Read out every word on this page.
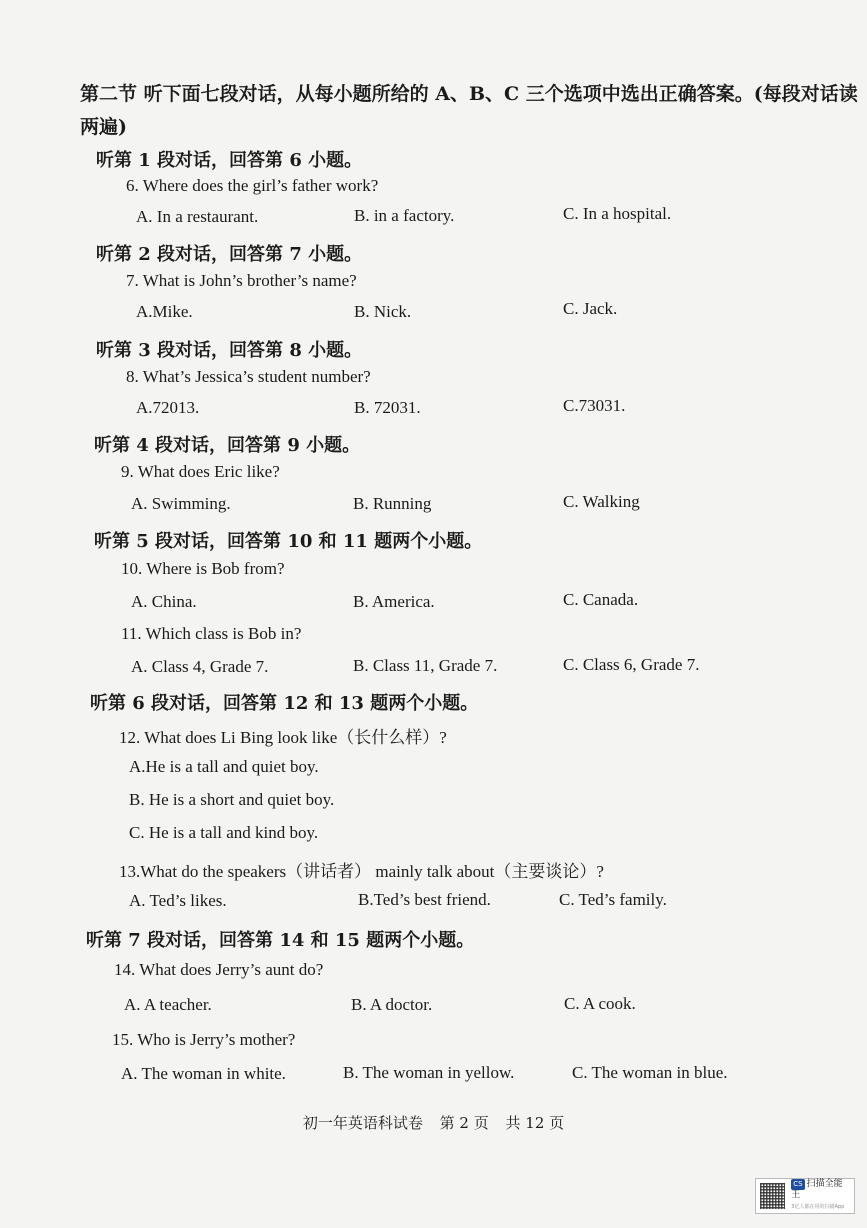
第二节 听下面七段对话，从每小题所给的 A、B、C 三个选项中选出正确答案。(每段对话读两遍)
听第 1 段对话，回答第 6 小题。
6. Where does the girl’s father work?
A. In a restaurant.	B. in a factory.	C. In a hospital.
听第 2 段对话，回答第 7 小题。
7. What is John’s brother’s name?
A.Mike.	B. Nick.	C. Jack.
听第 3 段对话，回答第 8 小题。
8. What’s Jessica’s student number?
A.72013.	B. 72031.	C.73031.
听第 4 段对话，回答第 9 小题。
9. What does Eric like?
A. Swimming.	B. Running	C. Walking
听第 5 段对话，回答第 10 和 11 题两个小题。
10. Where is Bob from?
A. China.	B. America.	C. Canada.
11. Which class is Bob in?
A. Class 4, Grade 7.	B. Class 11, Grade 7.	C. Class 6, Grade 7.
听第 6 段对话，回答第 12 和 13 题两个小题。
12. What does Li Bing look like（长什么样）?
A.He is a tall and quiet boy.
B. He is a short and quiet boy.
C. He is a tall and kind boy.
13.What do the speakers（讲话者） mainly talk about（主要谈论）?
A. Ted’s likes.	B.Ted’s best friend.	C. Ted’s family.
听第 7 段对话，回答第 14 和 15 题两个小题。
14. What does Jerry’s aunt do?
A. A teacher.	B. A doctor.	C. A cook.
15. Who is Jerry’s mother?
A. The woman in white.	B. The woman in yellow.	C. The woman in blue.
初一年英语科试卷 第 2 页 共 12 页
CS 扫描全能王
3亿人都在用的扫描App
